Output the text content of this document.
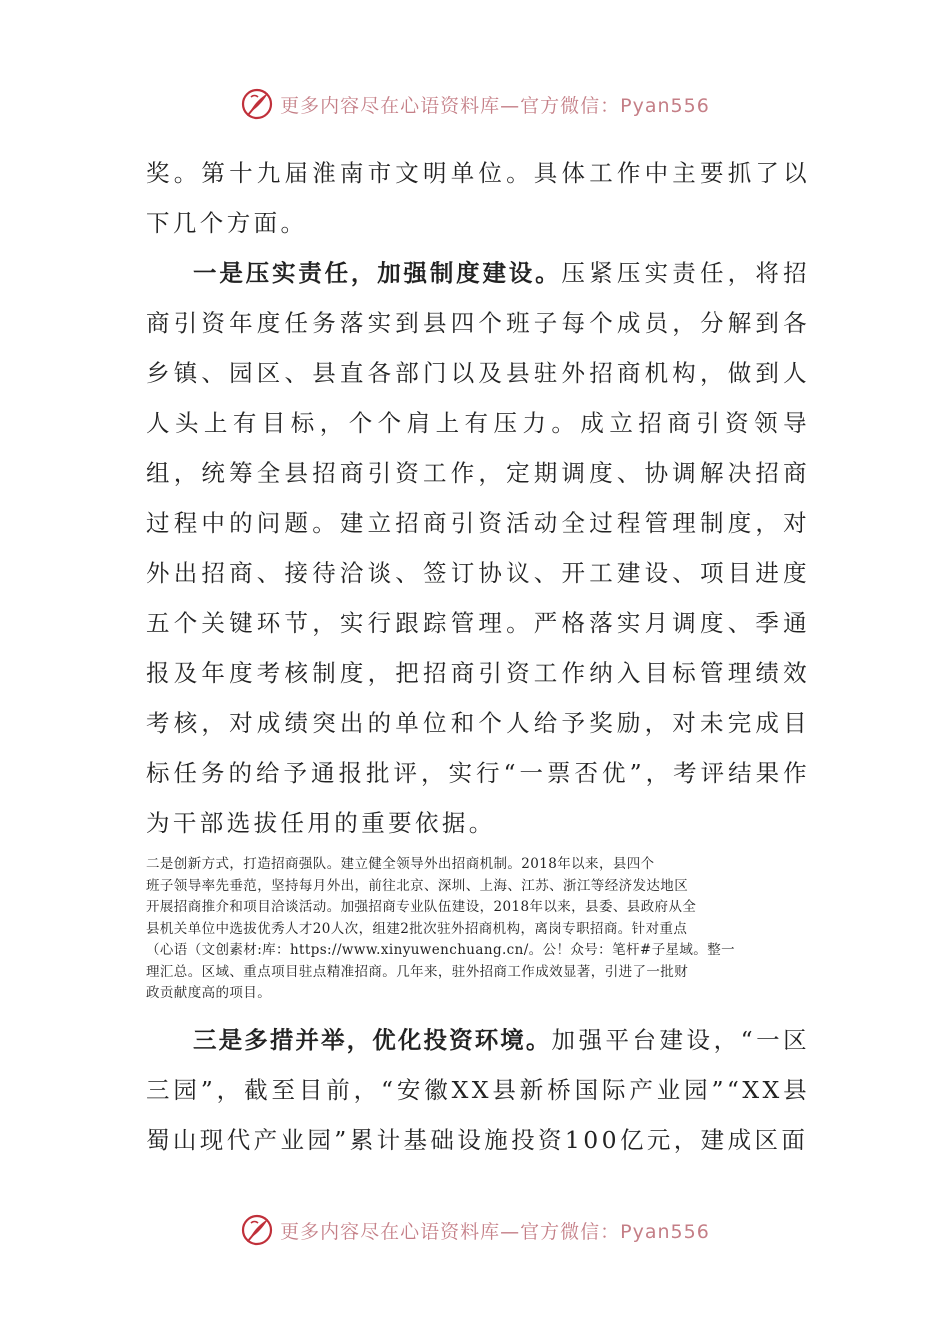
更多内容尽在心语资料库—官方微信：Pyan556

奖。第十九届淮南市文明单位。具体工作中主要抓了以下几个方面。

一是压实责任，加强制度建设。压紧压实责任，将招商引资年度任务落实到县四个班子每个成员，分解到各乡镇、园区、县直各部门以及县驻外招商机构，做到人人头上有目标，个个肩上有压力。成立招商引资领导组，统筹全县招商引资工作，定期调度、协调解决招商过程中的问题。建立招商引资活动全过程管理制度，对外出招商、接待洽谈、签订协议、开工建设、项目进度五个关键环节，实行跟踪管理。严格落实月调度、季通报及年度考核制度，把招商引资工作纳入目标管理绩效考核，对成绩突出的单位和个人给予奖励，对未完成目标任务的给予通报批评，实行“一票否优”，考评结果作为干部选拔任用的重要依据。

二是创新方式，打造招商强队。建立健全领导外出招商机制。2018年以来，县四个

班子领导率先垂范，坚持每月外出，前往北京、深圳、上海、江苏、浙江等经济发达地区

开展招商推介和项目洽谈活动。加强招商专业队伍建设，2018年以来，县委、县政府从全

县机关单位中选拔优秀人才20人次，组建2批次驻外招商机构，离岗专职招商。针对重点

（心语（文创素材:库：https://www.xinyuwenchuang.cn/。公！众号：笔杆#子星域。整一

理汇总。区域、重点项目驻点精准招商。几年来，驻外招商工作成效显著，引进了一批财

政贡献度高的项目。

三是多措并举，优化投资环境。加强平台建设，“一区三园”，截至目前，“安徽XX县新桥国际产业园”“XX县蜀山现代产业园”累计基础设施投资100亿元，建成区面

更多内容尽在心语资料库—官方微信：Pyan556
